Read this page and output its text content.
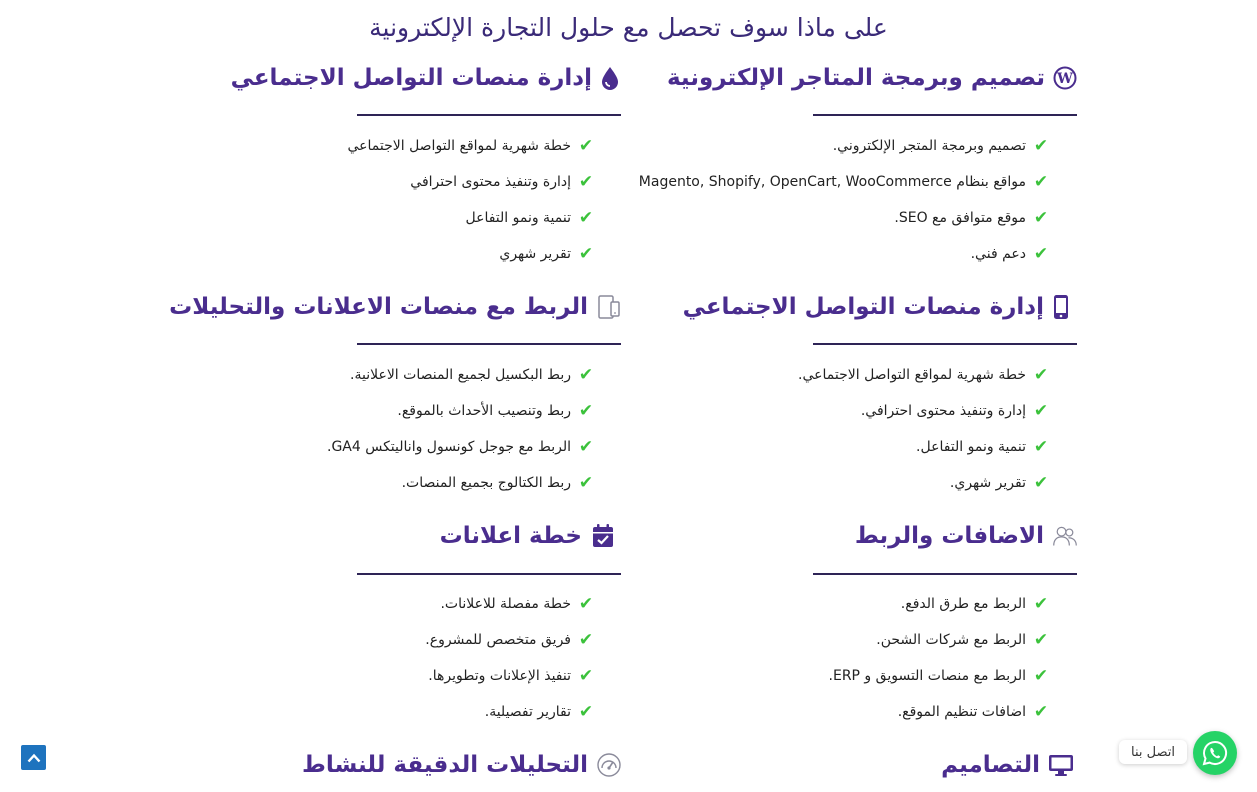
على ماذا سوف تحصل مع حلول التجارة الإلكترونية
W
تصميم وبرمجة المتاجر الإلكترونية
✔
تصميم وبرمجة المتجر الإلكتروني.
✔
مواقع بنظام Magento, Shopify, OpenCart, WooCommerce
✔
موقع متوافق مع SEO.
✔
دعم فني.
إدارة منصات التواصل الاجتماعي
✔
خطة شهرية لمواقع التواصل الاجتماعي
✔
إدارة وتنفيذ محتوى احترافي
✔
تنمية ونمو التفاعل
✔
تقرير شهري
إدارة منصات التواصل الاجتماعي
✔
خطة شهرية لمواقع التواصل الاجتماعي.
✔
إدارة وتنفيذ محتوى احترافي.
✔
تنمية ونمو التفاعل.
✔
تقرير شهري.
الربط مع منصات الاعلانات والتحليلات
✔
ربط البكسيل لجميع المنصات الاعلانية.
✔
ربط وتنصيب الأحداث بالموقع.
✔
الربط مع جوجل كونسول واناليتكس GA4.
✔
ربط الكتالوج بجميع المنصات.
الاضافات والربط
✔
الربط مع طرق الدفع.
✔
الربط مع شركات الشحن.
✔
الربط مع منصات التسويق و ERP.
✔
اضافات تنظيم الموقع.
خطة اعلانات
✔
خطة مفصلة للاعلانات.
✔
فريق متخصص للمشروع.
✔
تنفيذ الإعلانات وتطويرها.
✔
تقارير تفصيلية.
التصاميم
التحليلات الدقيقة للنشاط	اتصل بنا
